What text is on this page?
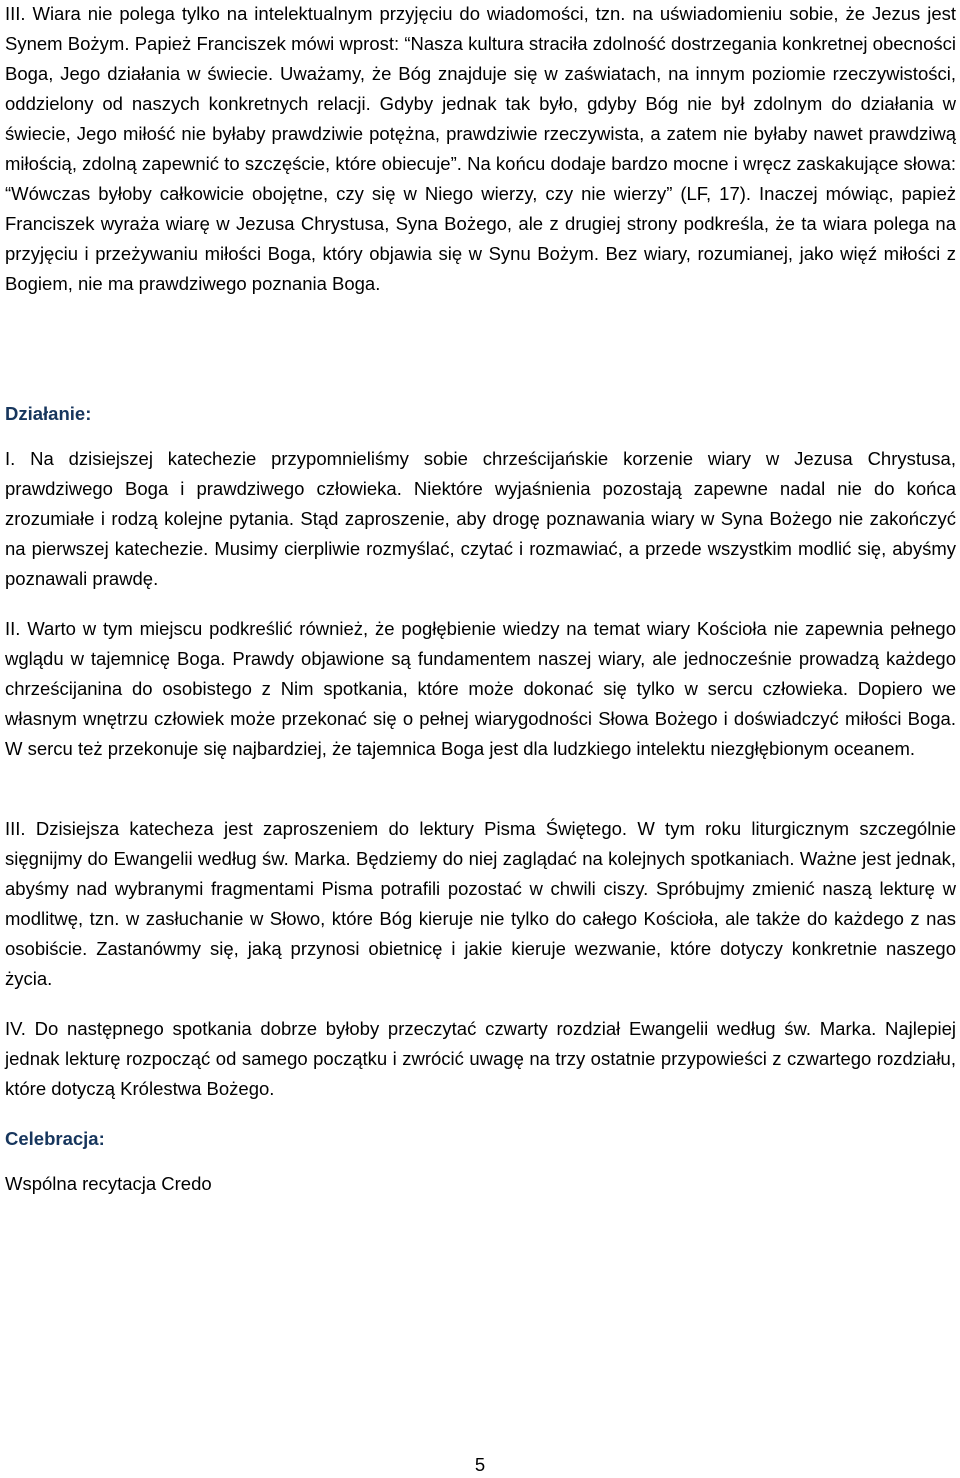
III. Wiara nie polega tylko na intelektualnym przyjęciu do wiadomości, tzn. na uświadomieniu sobie, że Jezus jest Synem Bożym. Papież Franciszek mówi wprost: “Nasza kultura straciła zdolność dostrzegania konkretnej obecności Boga, Jego działania w świecie. Uważamy, że Bóg znajduje się w zaświatach, na innym poziomie rzeczywistości, oddzielony od naszych konkretnych relacji. Gdyby jednak tak było, gdyby Bóg nie był zdolnym do działania w świecie, Jego miłość nie byłaby prawdziwie potężna, prawdziwie rzeczywista, a zatem nie byłaby nawet prawdziwą miłością, zdolną zapewnić to szczęście, które obiecuje”. Na końcu dodaje bardzo mocne i wręcz zaskakujące słowa: “Wówczas byłoby całkowicie obojętne, czy się w Niego wierzy, czy nie wierzy” (LF, 17). Inaczej mówiąc, papież Franciszek wyraża wiarę w Jezusa Chrystusa, Syna Bożego, ale z drugiej strony podkreśla, że ta wiara polega na przyjęciu i przeżywaniu miłości Boga, który objawia się w Synu Bożym. Bez wiary, rozumianej, jako więź miłości z Bogiem, nie ma prawdziwego poznania Boga.

Działanie:

I. Na dzisiejszej katechezie przypomnieliśmy sobie chrześcijańskie korzenie wiary w Jezusa Chrystusa, prawdziwego Boga i prawdziwego człowieka. Niektóre wyjaśnienia pozostają zapewne nadal nie do końca zrozumiałe i rodzą kolejne pytania. Stąd zaproszenie, aby drogę poznawania wiary w Syna Bożego nie zakończyć na pierwszej katechezie. Musimy cierpliwie rozmyślać, czytać i rozmawiać, a przede wszystkim modlić się, abyśmy poznawali prawdę.

II. Warto w tym miejscu podkreślić również, że pogłębienie wiedzy na temat wiary Kościoła nie zapewnia pełnego wglądu w tajemnicę Boga. Prawdy objawione są fundamentem naszej wiary, ale jednocześnie prowadzą każdego chrześcijanina do osobistego z Nim spotkania, które może dokonać się tylko w sercu człowieka. Dopiero we własnym wnętrzu człowiek może przekonać się o pełnej wiarygodności Słowa Bożego i doświadczyć miłości Boga. W sercu też przekonuje się najbardziej, że tajemnica Boga jest dla ludzkiego intelektu niezgłębionym oceanem.

III. Dzisiejsza katecheza jest zaproszeniem do lektury Pisma Świętego. W tym roku liturgicznym szczególnie sięgnijmy do Ewangelii według św. Marka. Będziemy do niej zaglądać na kolejnych spotkaniach. Ważne jest jednak, abyśmy nad wybranymi fragmentami Pisma potrafili pozostać w chwili ciszy. Spróbujmy zmienić naszą lekturę w modlitwę, tzn. w zasłuchanie w Słowo, które Bóg kieruje nie tylko do całego Kościoła, ale także do każdego z nas osobiście. Zastanówmy się, jaką przynosi obietnicę i jakie kieruje wezwanie, które dotyczy konkretnie naszego życia.

IV. Do następnego spotkania dobrze byłoby przeczytać czwarty rozdział Ewangelii według św. Marka. Najlepiej jednak lekturę rozpocząć od samego początku i zwrócić uwagę na trzy ostatnie przypowieści z czwartego rozdziału, które dotyczą Królestwa Bożego.

Celebracja:

Wspólna recytacja Credo

5
